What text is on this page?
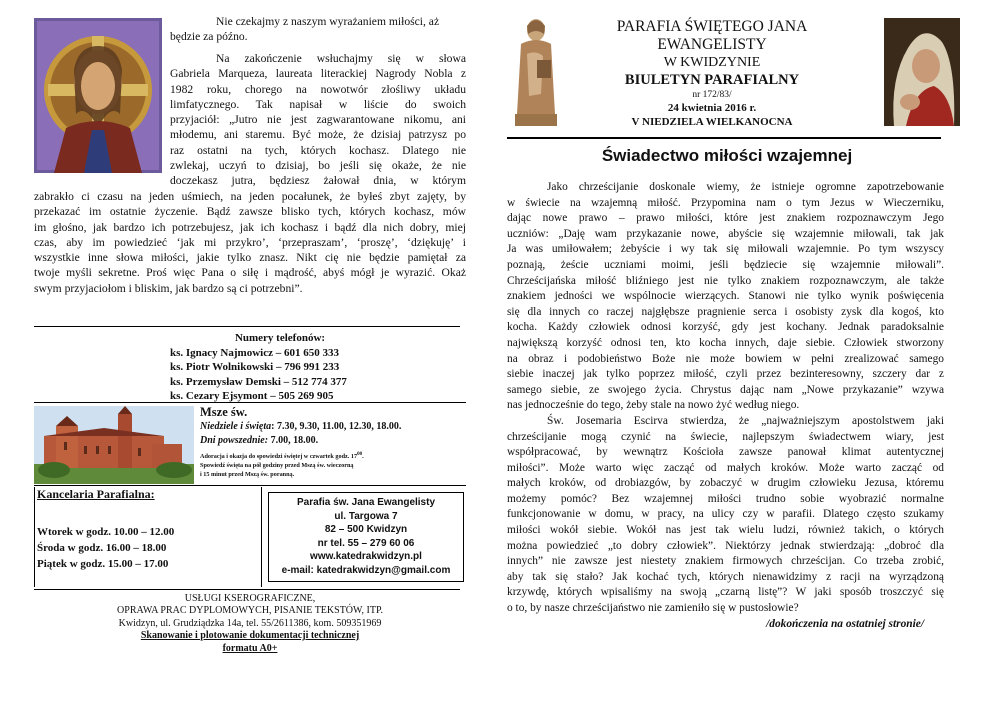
Nie czekajmy z naszym wyrażaniem miłości, aż

będzie za późno.

Na zakończenie wsłuchajmy się w słowa

Gabriela Marqueza, laureata literackiej Nagrody Nobla z

1982 roku, chorego na nowotwór złośliwy układu

limfatycznego. Tak napisał w liście do swoich

przyjaciół: „Jutro nie jest zagwarantowane nikomu, ani

młodemu, ani staremu. Być może, że dzisiaj patrzysz po

raz ostatni na tych, których kochasz. Dlatego nie

zwlekaj, uczyń to dzisiaj, bo jeśli się okaże, że nie

doczekasz jutra, będziesz żałował dnia, w którym

zabrakło ci czasu na jeden uśmiech, na jeden pocałunek, że byłeś zbyt zajęty, by

przekazać im ostatnie życzenie. Bądź zawsze blisko tych, których kochasz, mów

im głośno, jak bardzo ich potrzebujesz, jak ich kochasz i bądź dla nich dobry, miej

czas, aby im powiedzieć ‘jak mi przykro’, ‘przepraszam’, ‘proszę’, ‘dziękuję’ i

wszystkie inne słowa miłości, jakie tylko znasz. Nikt cię nie będzie pamiętał za

twoje myśli sekretne. Proś więc Pana o siłę i mądrość, abyś mógł je wyrazić. Okaż

swym przyjaciołom i bliskim, jak bardzo są ci potrzebni”.

Numery telefonów:

ks. Ignacy Najmowicz – 601 650 333

ks. Piotr Wolnikowski – 796 991 233

ks. Przemysław Demski – 512 774 377

ks. Cezary Ejsymont – 505 269 905

Msze św.

Niedziele i święta: 7.30, 9.30, 11.00, 12.30, 18.00.

Dni powszednie: 7.00, 18.00.

Adoracja i okazja do spowiedzi świętej w czwartek godz. $17^{00}$.

Spowiedź święta na pół godziny przed Mszą św. wieczorną

i 15 minut przed Mszą św. poranną.

Kancelaria Parafialna:

Wtorek w godz. 10.00 – 12.00

Środa w godz. 16.00 – 18.00

Piątek w godz. 15.00 – 17.00

Parafia św. Jana Ewangelisty

ul. Targowa 7

82 – 500 Kwidzyn

nr tel. 55 – 279 60 06

www.katedrakwidzyn.pl

e-mail: katedrakwidzyn@gmail.com

USŁUGI KSEROGRAFICZNE,

OPRAWA PRAC DYPLOMOWYCH, PISANIE TEKSTÓW, ITP.

Kwidzyn, ul. Grudziądzka 14a, tel. 55/2611386, kom. 509351969

Skanowanie i plotowanie dokumentacji technicznej

formatu A0+

PARAFIA ŚWIĘTEGO JANA EWANGELISTY

W KWIDZYNIE

BIULETYN PARAFIALNY

nr 172/83/

24 kwietnia 2016 r.

V NIEDZIELA WIELKANOCNA

Świadectwo miłości wzajemnej

Jako chrześcijanie doskonale wiemy, że istnieje ogromne zapotrzebowanie

w świecie na wzajemną miłość. Przypomina nam o tym Jezus w Wieczerniku,

dając nowe prawo – prawo miłości, które jest znakiem rozpoznawczym Jego

uczniów: „Daję wam przykazanie nowe, abyście się wzajemnie miłowali, tak jak

Ja was umiłowałem; żebyście i wy tak się miłowali wzajemnie. Po tym wszyscy

poznają, żeście uczniami moimi, jeśli będziecie się wzajemnie miłowali”.

Chrześcijańska miłość bliźniego jest nie tylko znakiem rozpoznawczym, ale także

znakiem jedności we wspólnocie wierzących. Stanowi nie tylko wynik poświęcenia

się dla innych co raczej najgłębsze pragnienie serca i osobisty zysk dla kogoś, kto

kocha. Każdy człowiek odnosi korzyść, gdy jest kochany. Jednak paradoksalnie

największą korzyść odnosi ten, kto kocha innych, daje siebie. Człowiek stworzony

na obraz i podobieństwo Boże nie może bowiem w pełni zrealizować samego

siebie inaczej jak tylko poprzez miłość, czyli przez bezinteresowny, szczery dar z

samego siebie, ze swojego życia. Chrystus dając nam „Nowe przykazanie” wzywa

nas jednocześnie do tego, żeby stale na nowo żyć według niego.

Św. Josemaria Escirva stwierdza, że „najważniejszym apostolstwem jaki

chrześcijanie mogą czynić na świecie, najlepszym świadectwem wiary, jest

współpracować, by wewnątrz Kościoła zawsze panował klimat autentycznej

miłości”. Może warto więc zacząć od małych kroków. Może warto zacząć od

małych kroków, od drobiazgów, by zobaczyć w drugim człowieku Jezusa, któremu

możemy pomóc? Bez wzajemnej miłości trudno sobie wyobrazić normalne

funkcjonowanie w domu, w pracy, na ulicy czy w parafii. Dlatego często szukamy

miłości wokół siebie. Wokół nas jest tak wielu ludzi, również takich, o których

można powiedzieć „to dobry człowiek”. Niektórzy jednak stwierdzają: „dobroć dla

innych” nie zawsze jest niestety znakiem firmowych chrześcijan. Co trzeba zrobić,

aby tak się stało? Jak kochać tych, których nienawidzimy z racji na wyrządzoną

krzywdę, których wpisaliśmy na swoją „czarną listę”? W jaki sposób troszczyć się

o to, by nasze chrześcijaństwo nie zamieniło się w pustosłowie?

/dokończenia na ostatniej stronie/
